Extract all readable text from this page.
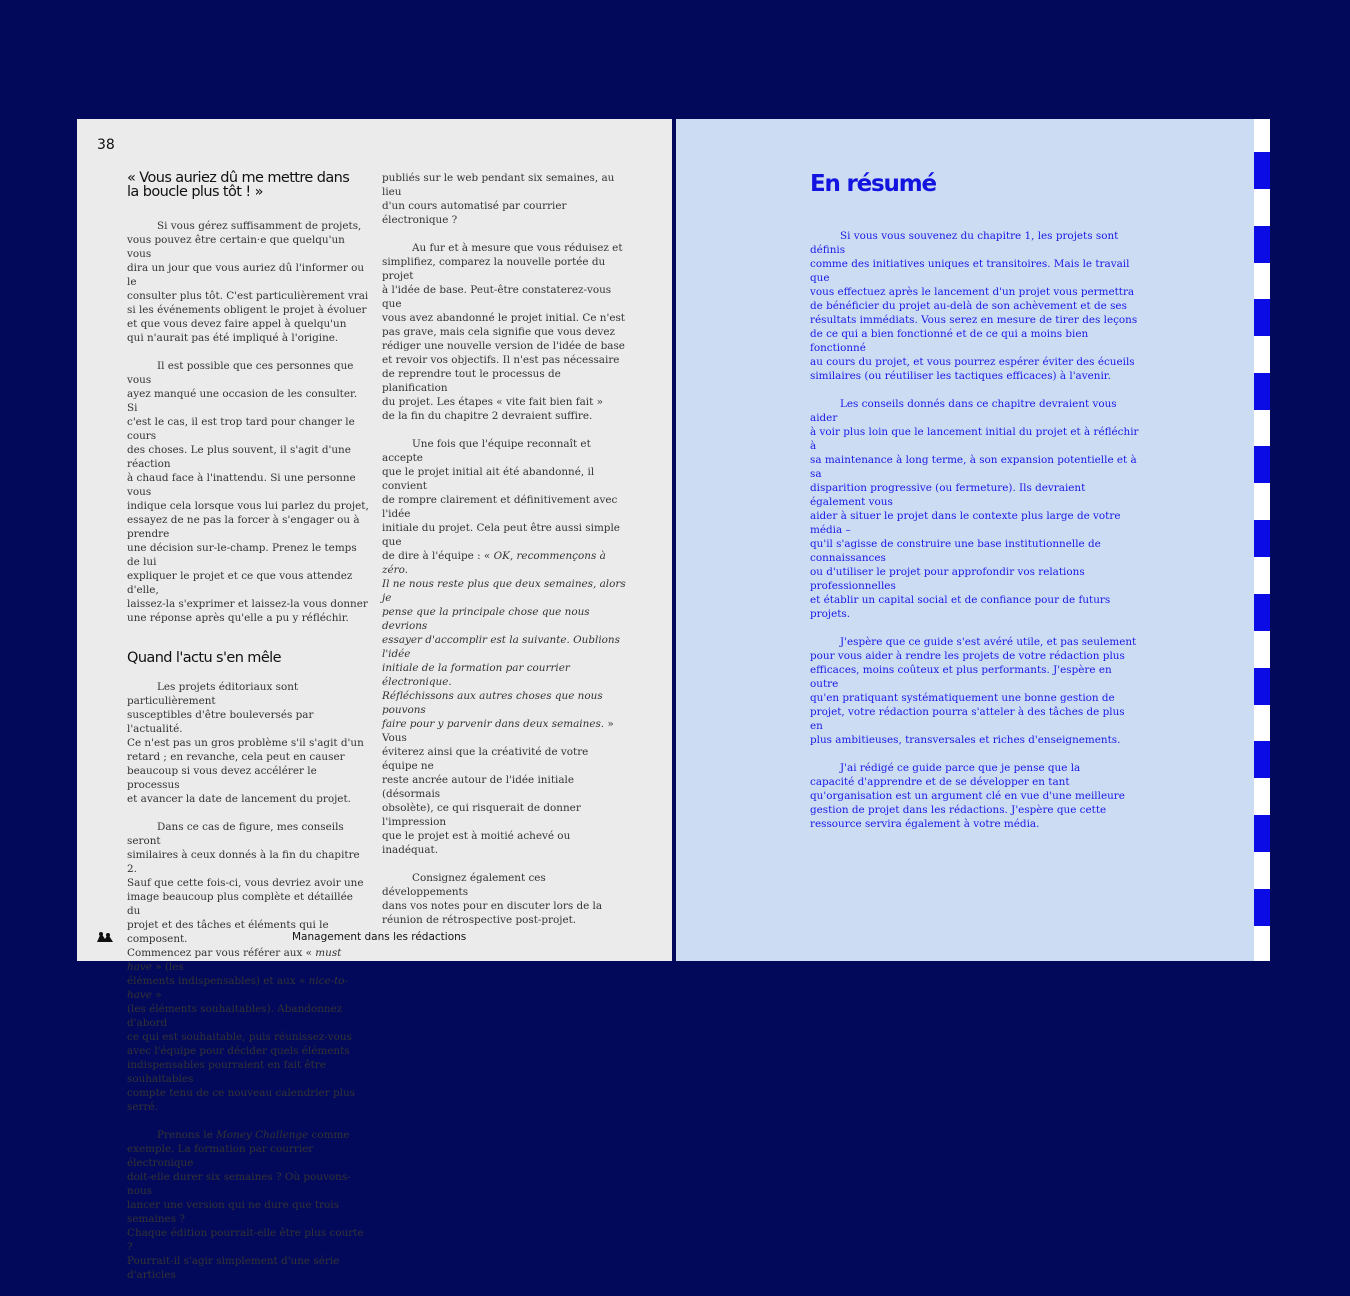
38
« Vous auriez dû me mettre dans
la boucle plus tôt ! »

Si vous gérez suffisamment de projets,
vous pouvez être certain·e que quelqu'un vous
dira un jour que vous auriez dû l'informer ou le
consulter plus tôt. C'est particulièrement vrai
si les événements obligent le projet à évoluer
et que vous devez faire appel à quelqu'un
qui n'aurait pas été impliqué à l'origine.

Il est possible que ces personnes que vous
ayez manqué une occasion de les consulter. Si
c'est le cas, il est trop tard pour changer le cours
des choses. Le plus souvent, il s'agit d'une réaction
à chaud face à l'inattendu. Si une personne vous
indique cela lorsque vous lui parlez du projet,
essayez de ne pas la forcer à s'engager ou à prendre
une décision sur-le-champ. Prenez le temps de lui
expliquer le projet et ce que vous attendez d'elle,
laissez-la s'exprimer et laissez-la vous donner
une réponse après qu'elle a pu y réfléchir.

Quand l'actu s'en mêle

Les projets éditoriaux sont particulièrement
susceptibles d'être bouleversés par l'actualité.
Ce n'est pas un gros problème s'il s'agit d'un
retard ; en revanche, cela peut en causer
beaucoup si vous devez accélérer le processus
et avancer la date de lancement du projet.

Dans ce cas de figure, mes conseils seront
similaires à ceux donnés à la fin du chapitre 2.
Sauf que cette fois-ci, vous devriez avoir une
image beaucoup plus complète et détaillée du
projet et des tâches et éléments qui le composent.
Commencez par vous référer aux « must have » (les
éléments indispensables) et aux « nice-to-have »
(les éléments souhaitables). Abandonnez d'abord
ce qui est souhaitable, puis réunissez-vous
avec l'équipe pour décider quels éléments
indispensables pourraient en fait être souhaitables
compte tenu de ce nouveau calendrier plus serré.

Prenons le Money Challenge comme
exemple. La formation par courrier électronique
doit-elle durer six semaines ? Où pouvons-nous
lancer une version qui ne dure que trois semaines ?
Chaque édition pourrait-elle être plus courte ?
Pourrait-il s'agir simplement d'une série d'articles

publiés sur le web pendant six semaines, au lieu
d'un cours automatisé par courrier électronique ?

Au fur et à mesure que vous réduisez et
simplifiez, comparez la nouvelle portée du projet
à l'idée de base. Peut-être constaterez-vous que
vous avez abandonné le projet initial. Ce n'est
pas grave, mais cela signifie que vous devez
rédiger une nouvelle version de l'idée de base
et revoir vos objectifs. Il n'est pas nécessaire
de reprendre tout le processus de planification
du projet. Les étapes « vite fait bien fait »
de la fin du chapitre 2 devraient suffire.

Une fois que l'équipe reconnaît et accepte
que le projet initial ait été abandonné, il convient
de rompre clairement et définitivement avec l'idée
initiale du projet. Cela peut être aussi simple que
de dire à l'équipe : « OK, recommençons à zéro.
Il ne nous reste plus que deux semaines, alors je
pense que la principale chose que nous devrions
essayer d'accomplir est la suivante. Oublions l'idée
initiale de la formation par courrier électronique.
Réfléchissons aux autres choses que nous pouvons
faire pour y parvenir dans deux semaines. » Vous
éviterez ainsi que la créativité de votre équipe ne
reste ancrée autour de l'idée initiale (désormais
obsolète), ce qui risquerait de donner l'impression
que le projet est à moitié achevé ou inadéquat.

Consignez également ces développements
dans vos notes pour en discuter lors de la
réunion de rétrospective post-projet.

Management dans les rédactions
En résumé

Si vous vous souvenez du chapitre 1, les projets sont définis
comme des initiatives uniques et transitoires. Mais le travail que
vous effectuez après le lancement d'un projet vous permettra
de bénéficier du projet au-delà de son achèvement et de ses
résultats immédiats. Vous serez en mesure de tirer des leçons
de ce qui a bien fonctionné et de ce qui a moins bien fonctionné
au cours du projet, et vous pourrez espérer éviter des écueils
similaires (ou réutiliser les tactiques efficaces) à l'avenir.

Les conseils donnés dans ce chapitre devraient vous aider
à voir plus loin que le lancement initial du projet et à réfléchir à
sa maintenance à long terme, à son expansion potentielle et à sa
disparition progressive (ou fermeture). Ils devraient également vous
aider à situer le projet dans le contexte plus large de votre média –
qu'il s'agisse de construire une base institutionnelle de connaissances
ou d'utiliser le projet pour approfondir vos relations professionnelles
et établir un capital social et de confiance pour de futurs projets.

J'espère que ce guide s'est avéré utile, et pas seulement
pour vous aider à rendre les projets de votre rédaction plus
efficaces, moins coûteux et plus performants. J'espère en outre
qu'en pratiquant systématiquement une bonne gestion de
projet, votre rédaction pourra s'atteler à des tâches de plus en
plus ambitieuses, transversales et riches d'enseignements.

J'ai rédigé ce guide parce que je pense que la
capacité d'apprendre et de se développer en tant
qu'organisation est un argument clé en vue d'une meilleure
gestion de projet dans les rédactions. J'espère que cette
ressource servira également à votre média.
